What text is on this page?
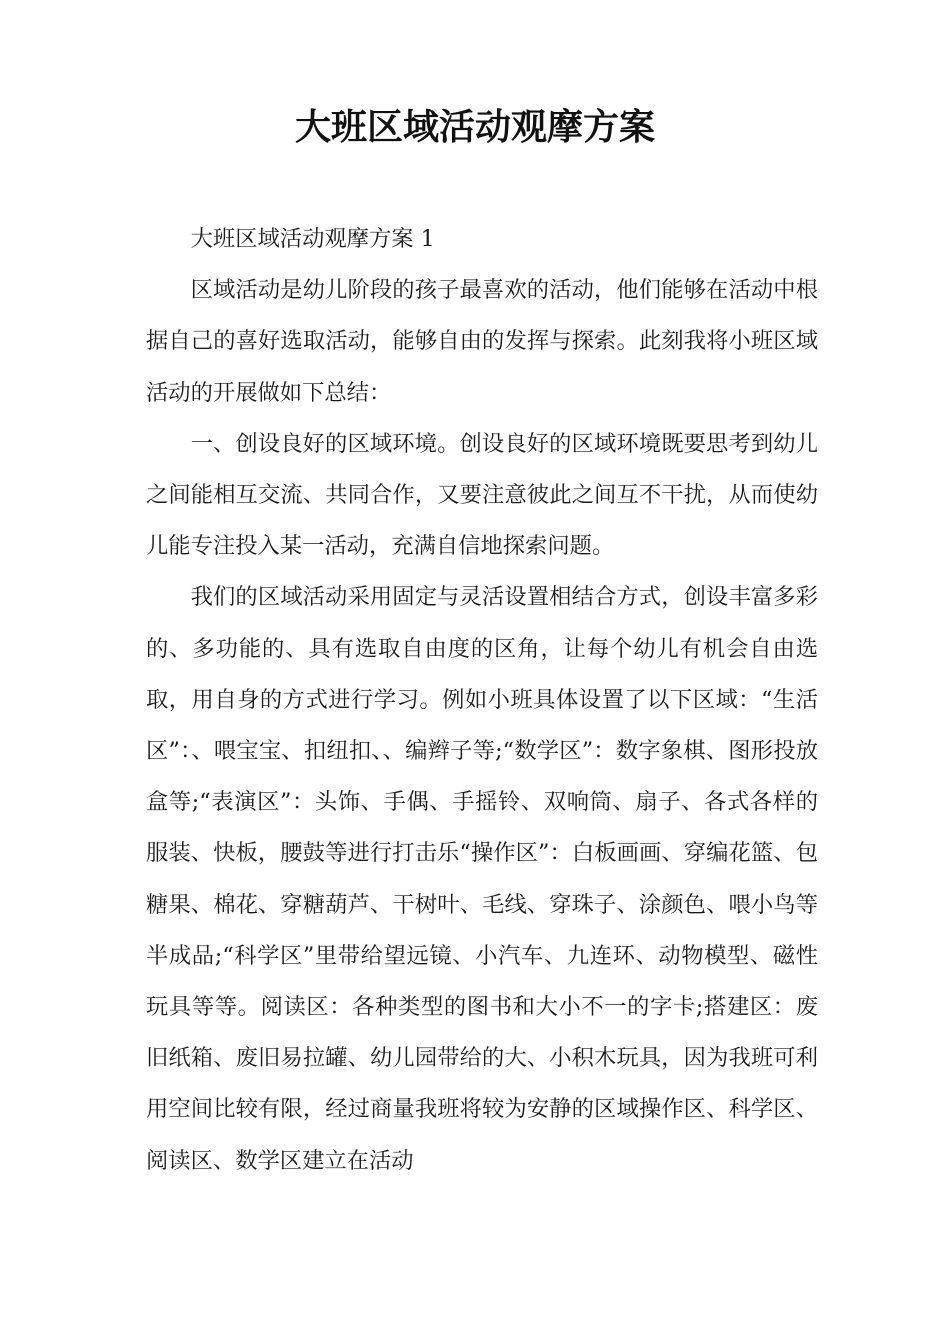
大班区域活动观摩方案

大班区域活动观摩方案 1

区域活动是幼儿阶段的孩子最喜欢的活动，他们能够在活动中根据自己的喜好选取活动，能够自由的发挥与探索。此刻我将小班区域活动的开展做如下总结：

一、创设良好的区域环境。创设良好的区域环境既要思考到幼儿之间能相互交流、共同合作，又要注意彼此之间互不干扰，从而使幼儿能专注投入某一活动，充满自信地探索问题。

我们的区域活动采用固定与灵活设置相结合方式，创设丰富多彩的、多功能的、具有选取自由度的区角，让每个幼儿有机会自由选取，用自身的方式进行学习。例如小班具体设置了以下区域：“生活区”：、喂宝宝、扣纽扣、、编辫子等;“数学区”：数字象棋、图形投放盒等;“表演区”：头饰、手偶、手摇铃、双响筒、扇子、各式各样的服装、快板，腰鼓等进行打击乐“操作区”：白板画画、穿编花篮、包糖果、棉花、穿糖葫芦、干树叶、毛线、穿珠子、涂颜色、喂小鸟等半成品;“科学区”里带给望远镜、小汽车、九连环、动物模型、磁性玩具等等。阅读区：各种类型的图书和大小不一的字卡;搭建区：废旧纸箱、废旧易拉罐、幼儿园带给的大、小积木玩具，因为我班可利用空间比较有限，经过商量我班将较为安静的区域操作区、科学区、阅读区、数学区建立在活动
